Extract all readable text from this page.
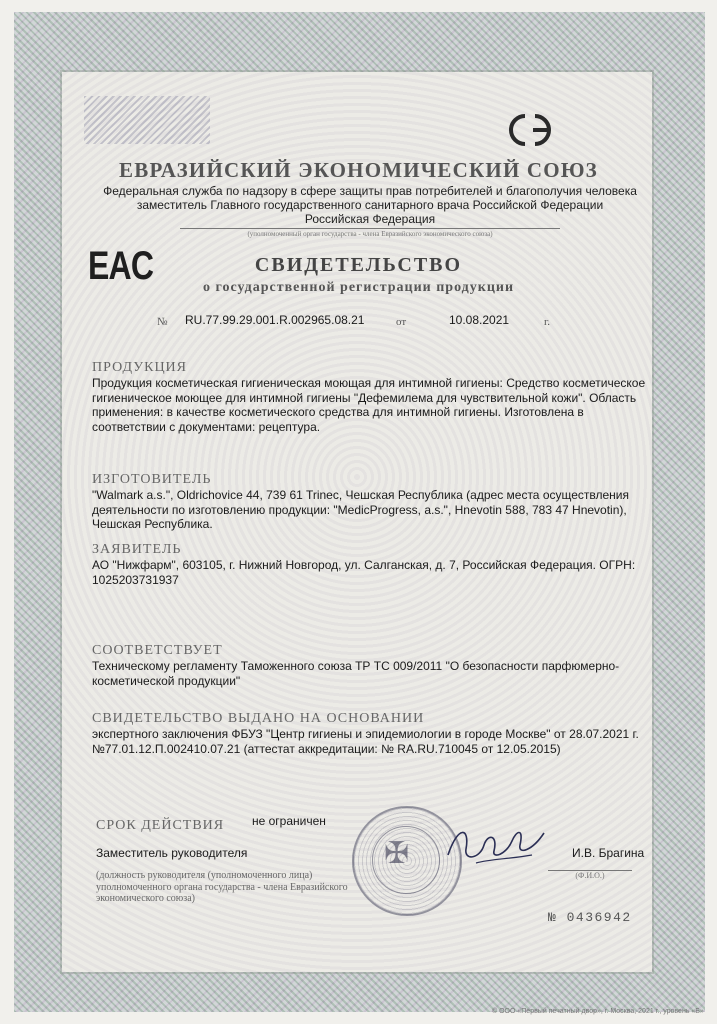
ЕВРАЗИЙСКИЙ ЭКОНОМИЧЕСКИЙ СОЮЗ
Федеральная служба по надзору в сфере защиты прав потребителей и благополучия человека
заместитель Главного государственного санитарного врача Российской Федерации
Российская Федерация
(уполномоченный орган государства - члена Евразийского экономического союза)
EAC	СВИДЕТЕЛЬСТВО
о государственной регистрации продукции
№ RU.77.99.29.001.R.002965.08.21	от	10.08.2021	г.
ПРОДУКЦИЯ
Продукция косметическая гигиеническая моющая для интимной гигиены: Средство косметическое гигиеническое моющее для интимной гигиены "Дефемилема для чувствительной кожи". Область применения: в качестве косметического средства для интимной гигиены. Изготовлена в соответствии с документами: рецептура.
ИЗГОТОВИТЕЛЬ
"Walmark a.s.", Oldrichovice 44, 739 61 Trinec, Чешская Республика (адрес места осуществления деятельности по изготовлению продукции: "MedicProgress, a.s.", Hnevotin 588, 783 47 Hnevotin), Чешская Республика.
ЗАЯВИТЕЛЬ
АО "Нижфарм", 603105, г. Нижний Новгород, ул. Салганская, д. 7, Российская Федерация. ОГРН: 1025203731937
СООТВЕТСТВУЕТ
Техническому регламенту Таможенного союза ТР ТС 009/2011 "О безопасности парфюмерно-косметической продукции"
СВИДЕТЕЛЬСТВО ВЫДАНО НА ОСНОВАНИИ
экспертного заключения ФБУЗ "Центр гигиены и эпидемиологии в городе Москве" от 28.07.2021 г. №77.01.12.П.002410.07.21 (аттестат аккредитации: № RA.RU.710045 от 12.05.2015)
СРОК ДЕЙСТВИЯ не ограничен
Заместитель руководителя	И.В. Брагина
(Ф.И.О.)
(должность руководителя (уполномоченного лица) уполномоченного органа государства - члена Евразийского экономического союза)
✠
№ 0436942
© ООО «Первый печатный двор», г. Москва, 2021 г., уровень «Б»
